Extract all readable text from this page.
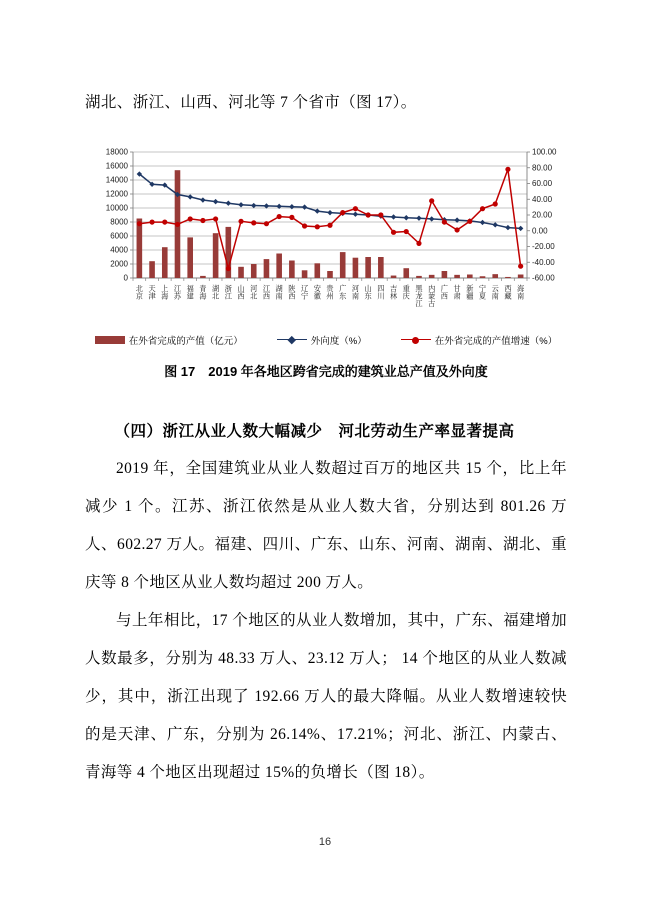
湖北、浙江、山西、河北等 7 个省市（图 17）。

0
2000
4000
6000
8000
10000
12000
14000
16000
18000	100.00
80.00
60.00
40.00
20.00
0.00
-20.00
-40.00
-60.00
北京
天津
上海
江苏
福建
青海
湖北
浙江
山西
河北
江西
湖南
陕西
辽宁
安徽
贵州
广东
河南
山东
四川
吉林
重庆
黑龙江
内蒙古
广西
甘肃
新疆
宁夏
云南
西藏
海南
在外省完成的产值（亿元）	外向度（%）	在外省完成的产值增速（%）
图 17　2019 年各地区跨省完成的建筑业总产值及外向度
（四）浙江从业人数大幅减少　河北劳动生产率显著提高

2019 年，全国建筑业从业人数超过百万的地区共 15 个，比上年减少 1 个。江苏、浙江依然是从业人数大省，分别达到 801.26 万人、602.27 万人。福建、四川、广东、山东、河南、湖南、湖北、重庆等 8 个地区从业人数均超过 200 万人。

与上年相比，17 个地区的从业人数增加，其中，广东、福建增加人数最多，分别为 48.33 万人、23.12 万人； 14 个地区的从业人数减少，其中，浙江出现了 192.66 万人的最大降幅。从业人数增速较快的是天津、广东，分别为 26.14%、17.21%；河北、浙江、内蒙古、青海等 4 个地区出现超过 15%的负增长（图 18）。

16
